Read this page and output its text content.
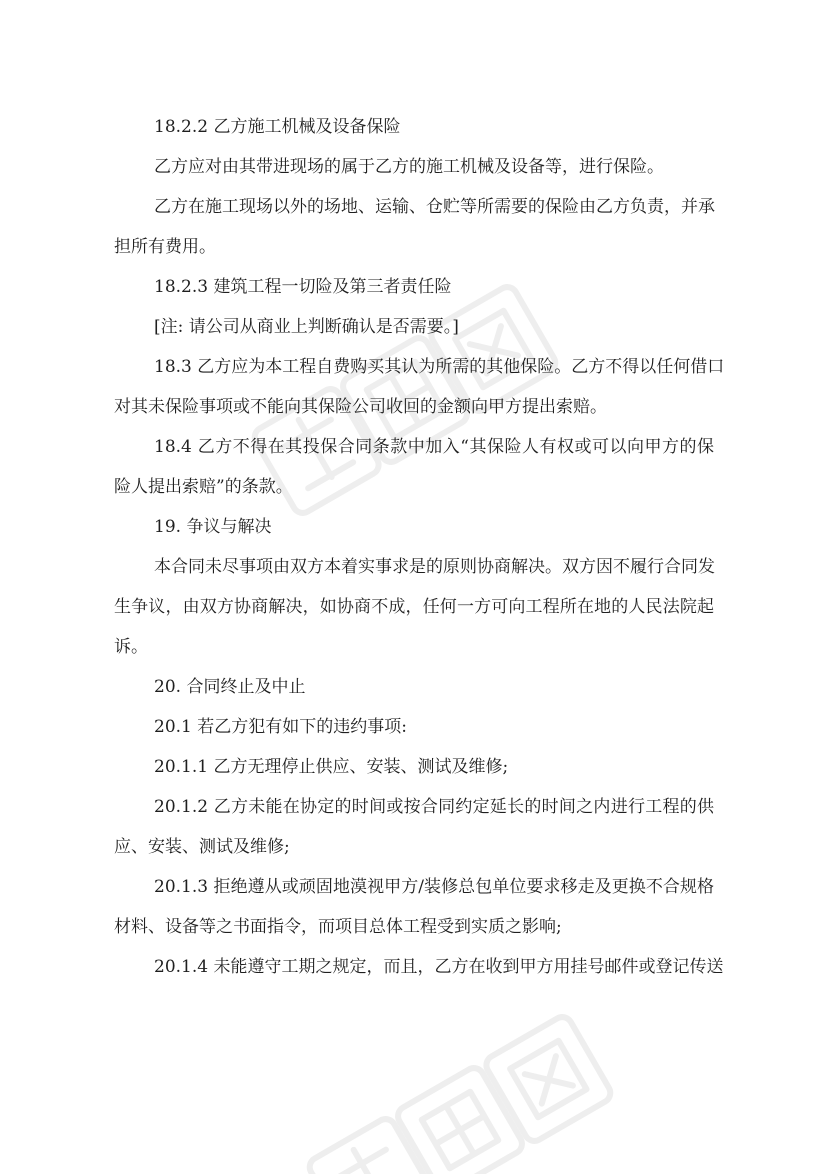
18.2.2 乙方施工机械及设备保险

乙方应对由其带进现场的属于乙方的施工机械及设备等，进行保险。

乙方在施工现场以外的场地、运输、仓贮等所需要的保险由乙方负责，并承

担所有费用。

18.2.3 建筑工程一切险及第三者责任险

[注: 请公司从商业上判断确认是否需要。]

18.3 乙方应为本工程自费购买其认为所需的其他保险。乙方不得以任何借口

对其未保险事项或不能向其保险公司收回的金额向甲方提出索赔。

18.4 乙方不得在其投保合同条款中加入“其保险人有权或可以向甲方的保

险人提出索赔”的条款。

19. 争议与解决

本合同未尽事项由双方本着实事求是的原则协商解决。双方因不履行合同发

生争议，由双方协商解决，如协商不成，任何一方可向工程所在地的人民法院起

诉。

20. 合同终止及中止

20.1 若乙方犯有如下的违约事项:

20.1.1 乙方无理停止供应、安装、测试及维修;

20.1.2 乙方未能在协定的时间或按合同约定延长的时间之内进行工程的供

应、安装、测试及维修;

20.1.3 拒绝遵从或顽固地漠视甲方/装修总包单位要求移走及更换不合规格

材料、设备等之书面指令，而项目总体工程受到实质之影响;

20.1.4 未能遵守工期之规定，而且，乙方在收到甲方用挂号邮件或登记传送
